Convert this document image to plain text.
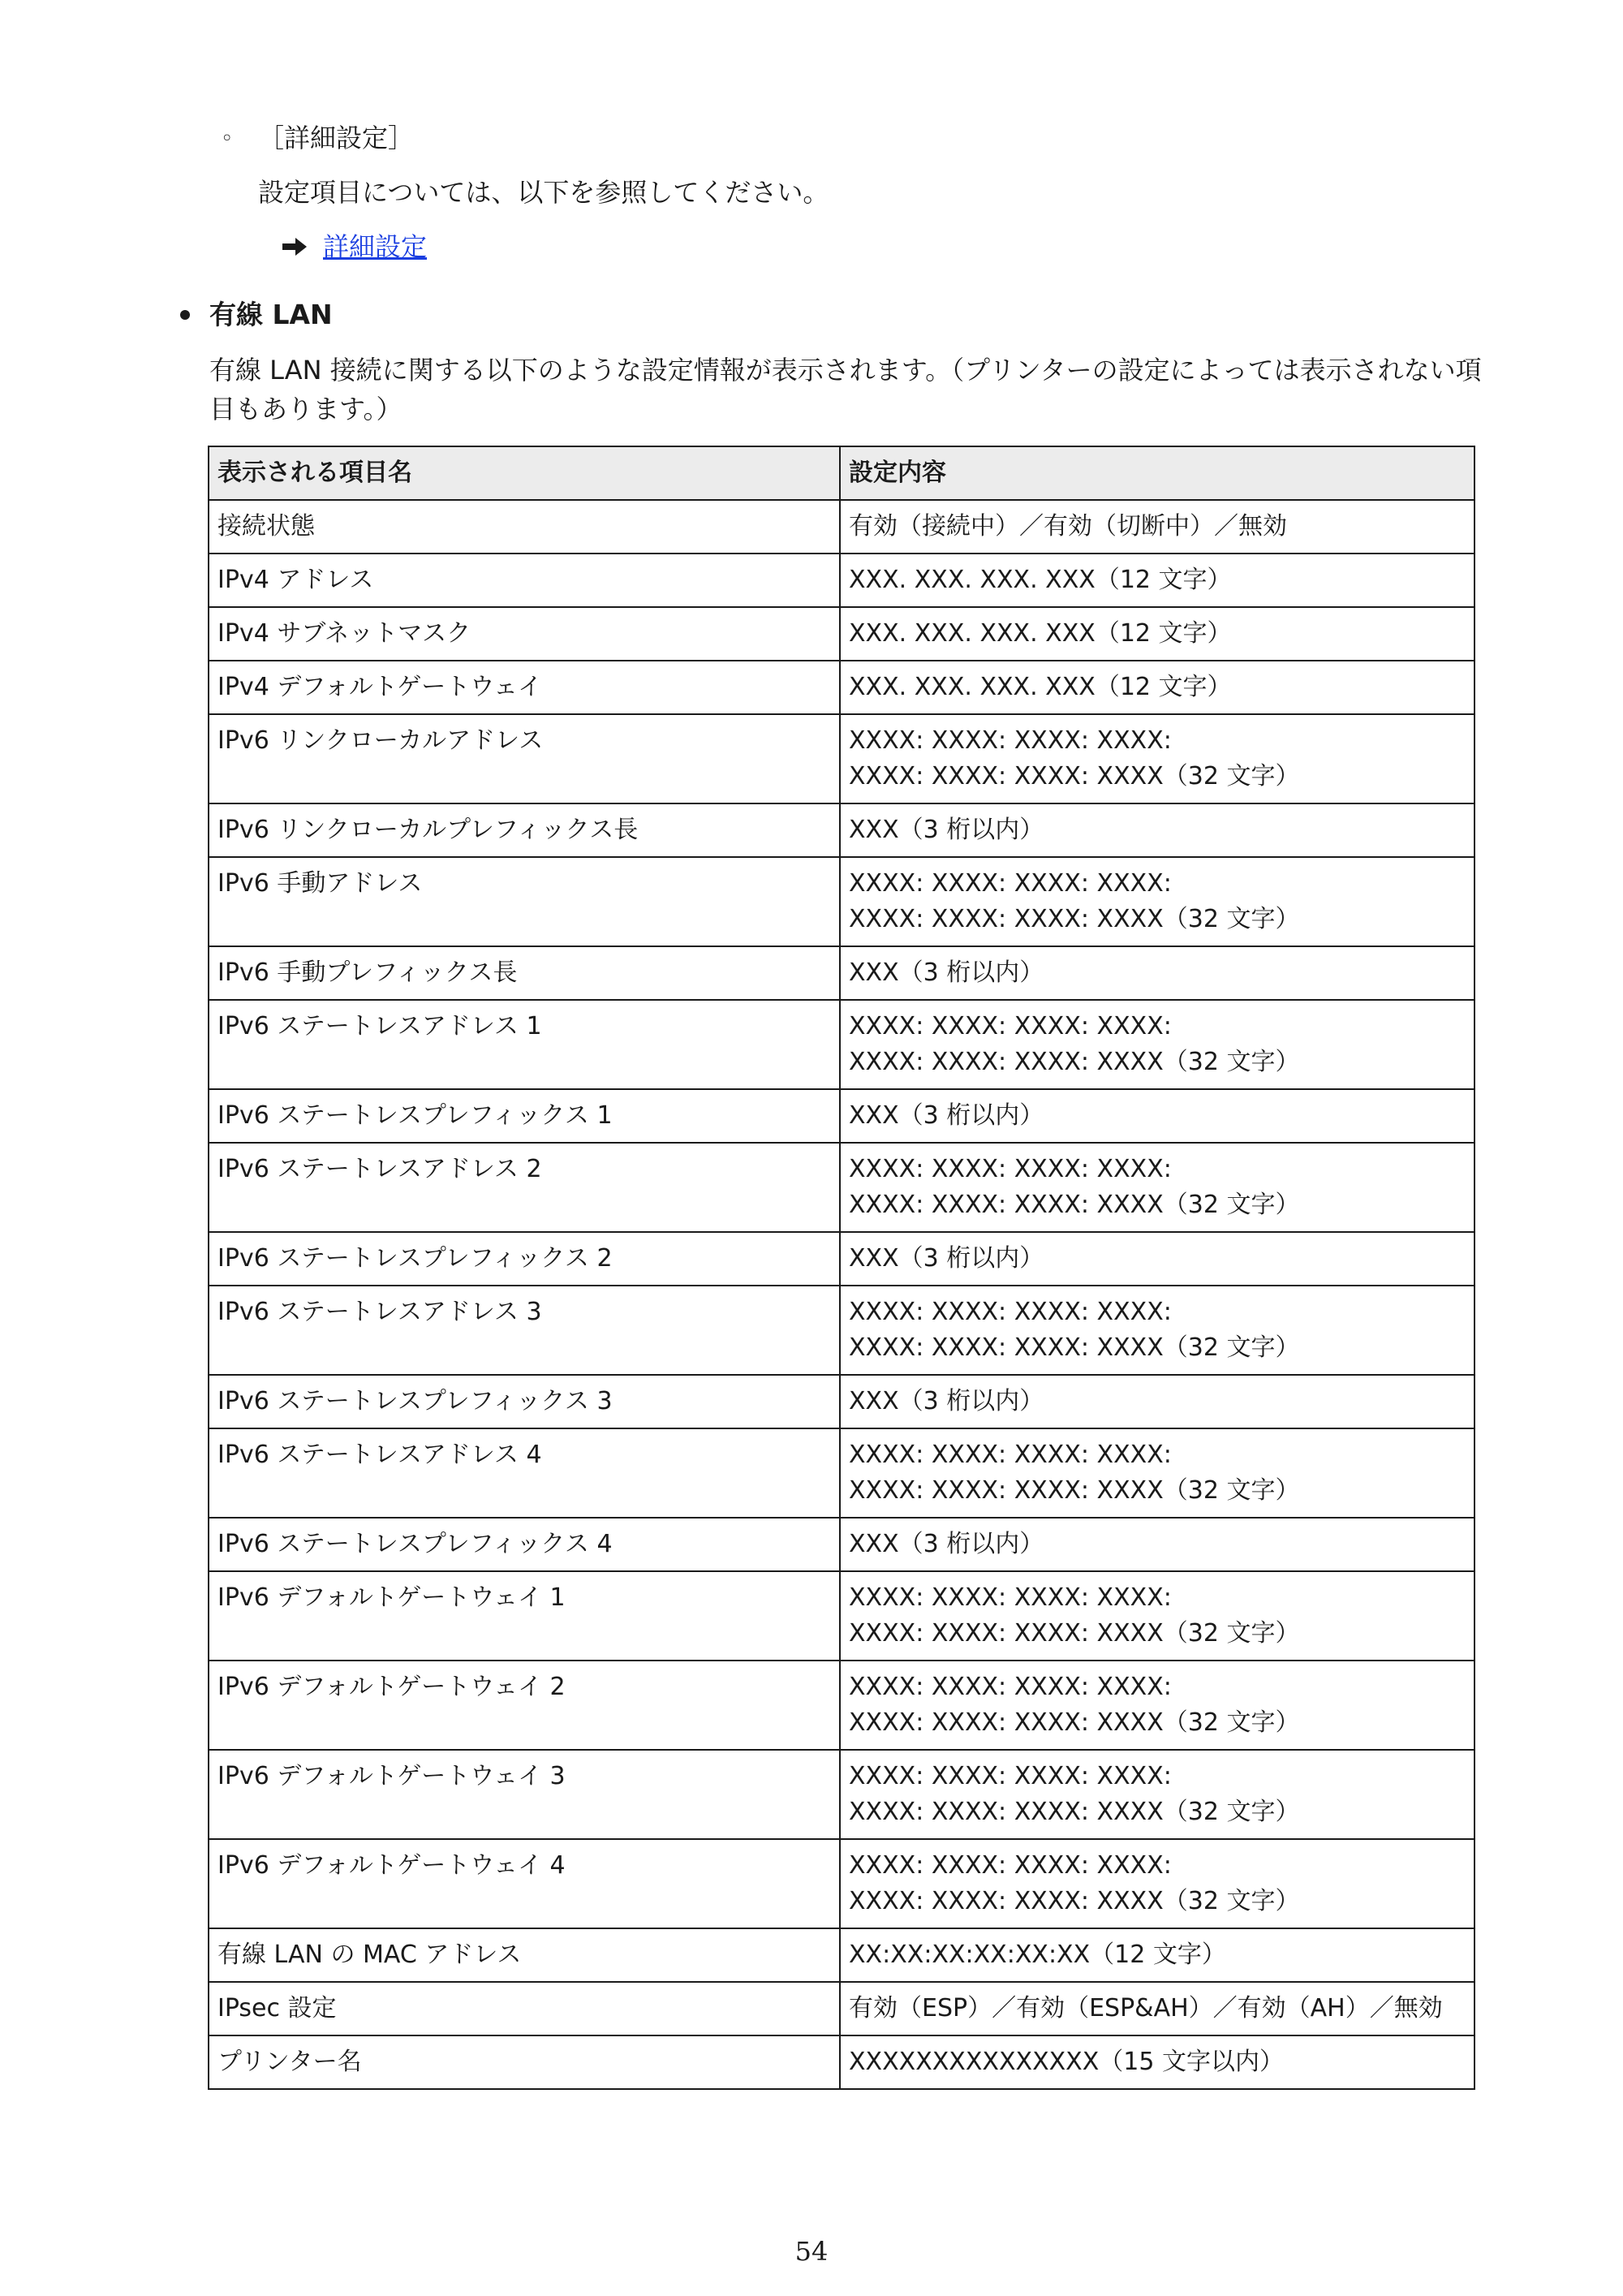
◦ ［詳細設定］
設定項目については、以下を参照してください。
詳細設定
有線 LAN
有線 LAN 接続に関する以下のような設定情報が表示されます。（プリンターの設定によっては表示されない項目もあります。）
表示される項目名	設定内容
接続状態	有効（接続中）／有効（切断中）／無効

IPv4 アドレス	XXX. XXX. XXX. XXX（12 文字）

IPv4 サブネットマスク	XXX. XXX. XXX. XXX（12 文字）

IPv4 デフォルトゲートウェイ	XXX. XXX. XXX. XXX（12 文字）

IPv6 リンクローカルアドレス	XXXX: XXXX: XXXX: XXXX:
XXXX: XXXX: XXXX: XXXX（32 文字）

IPv6 リンクローカルプレフィックス長	XXX（3 桁以内）

IPv6 手動アドレス	XXXX: XXXX: XXXX: XXXX:
XXXX: XXXX: XXXX: XXXX（32 文字）

IPv6 手動プレフィックス長	XXX（3 桁以内）

IPv6 ステートレスアドレス 1	XXXX: XXXX: XXXX: XXXX:
XXXX: XXXX: XXXX: XXXX（32 文字）

IPv6 ステートレスプレフィックス 1	XXX（3 桁以内）

IPv6 ステートレスアドレス 2	XXXX: XXXX: XXXX: XXXX:
XXXX: XXXX: XXXX: XXXX（32 文字）

IPv6 ステートレスプレフィックス 2	XXX（3 桁以内）

IPv6 ステートレスアドレス 3	XXXX: XXXX: XXXX: XXXX:
XXXX: XXXX: XXXX: XXXX（32 文字）

IPv6 ステートレスプレフィックス 3	XXX（3 桁以内）

IPv6 ステートレスアドレス 4	XXXX: XXXX: XXXX: XXXX:
XXXX: XXXX: XXXX: XXXX（32 文字）

IPv6 ステートレスプレフィックス 4	XXX（3 桁以内）

IPv6 デフォルトゲートウェイ 1	XXXX: XXXX: XXXX: XXXX:
XXXX: XXXX: XXXX: XXXX（32 文字）

IPv6 デフォルトゲートウェイ 2	XXXX: XXXX: XXXX: XXXX:
XXXX: XXXX: XXXX: XXXX（32 文字）

IPv6 デフォルトゲートウェイ 3	XXXX: XXXX: XXXX: XXXX:
XXXX: XXXX: XXXX: XXXX（32 文字）

IPv6 デフォルトゲートウェイ 4	XXXX: XXXX: XXXX: XXXX:
XXXX: XXXX: XXXX: XXXX（32 文字）

有線 LAN の MAC アドレス	XX:XX:XX:XX:XX:XX（12 文字）

IPsec 設定	有効（ESP）／有効（ESP&AH）／有効（AH）／無効

プリンター名	XXXXXXXXXXXXXXX（15 文字以内）
54
